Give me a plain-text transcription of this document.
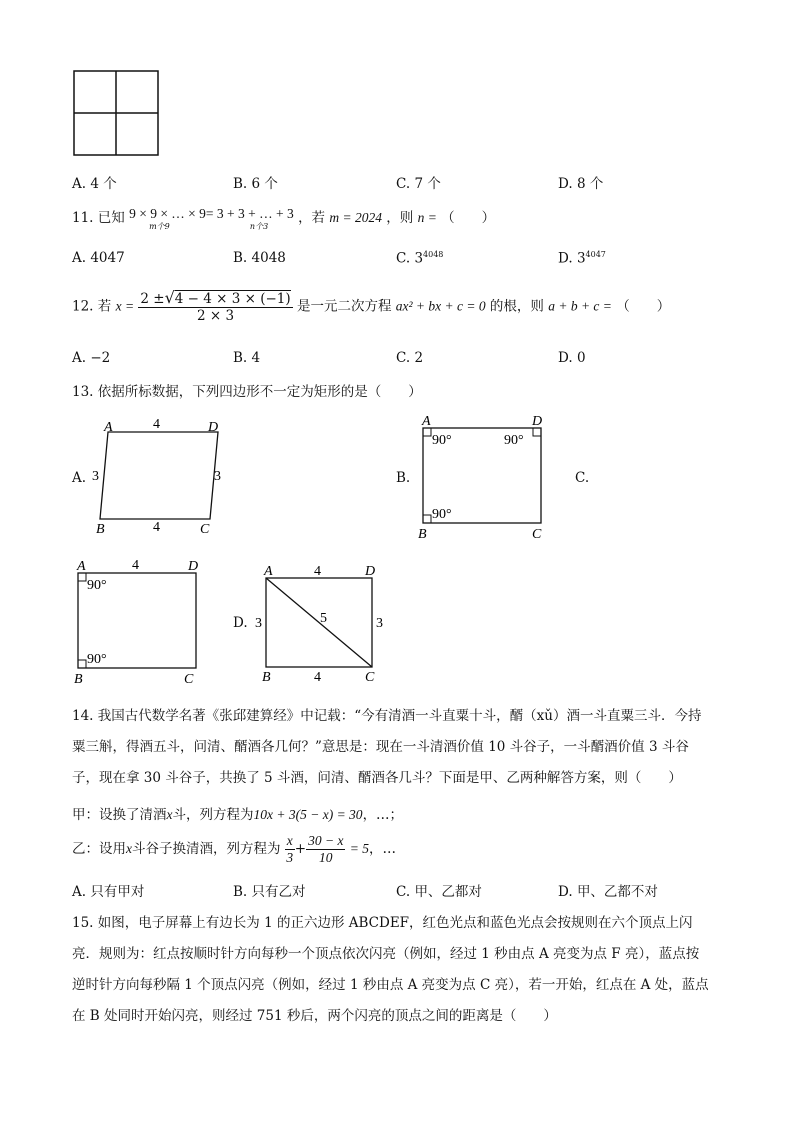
A. 4 个	B. 6 个	C. 7 个	D. 8 个
11. 已知 9 × 9 × … × 9
m个9
= 3 + 3 + … + 3
n个3
，若 m = 2024 ，则 n = （　　）
A. 4047	B. 4048	C. $3^{4048}$	D. $3^{4047}$
12. 若 $x = \frac{2 \pm√4 - 4 \times 3 \times (-1)}{2 \times 3}$ 是一元二次方程 ax² + bx + c = 0 的根，则 a + b + c = （　　）
A. −2	B. 4	C. 2	D. 0
13. 依据所标数据，下列四边形不一定为矩形的是（　　）
A.
A	D
B	C
4
4
3	3	B.
A	D
B	C
90°	90°
90°
C.
A	D
B	C
4
90°
90°
D.
A	D
B	C
4
4
3	3
5
14. 我国古代数学名著《张邱建算经》中记载：“今有清酒一斗直粟十斗，醑（xǔ）酒一斗直粟三斗．今持
粟三斛，得酒五斗，问清、醑酒各几何？”意思是：现在一斗清酒价值 10 斗谷子，一斗醑酒价值 3 斗谷
子，现在拿 30 斗谷子，共换了 5 斗酒，问清、醑酒各几斗？下面是甲、乙两种解答方案，则（　　）
甲：设换了清酒x斗，列方程为10x + 3(5 − x) = 30，…；
乙：设用x斗谷子换清酒，列方程为 $\frac{x}{3} + \frac{30 - x}{10} = 5$，…
A. 只有甲对	B. 只有乙对	C. 甲、乙都对	D. 甲、乙都不对
15. 如图，电子屏幕上有边长为 1 的正六边形 ABCDEF，红色光点和蓝色光点会按规则在六个顶点上闪
亮．规则为：红点按顺时针方向每秒一个顶点依次闪亮（例如，经过 1 秒由点 A 亮变为点 F 亮），蓝点按
逆时针方向每秒隔 1 个顶点闪亮（例如，经过 1 秒由点 A 亮变为点 C 亮），若一开始，红点在 A 处，蓝点
在 B 处同时开始闪亮，则经过 751 秒后，两个闪亮的顶点之间的距离是（　　）
